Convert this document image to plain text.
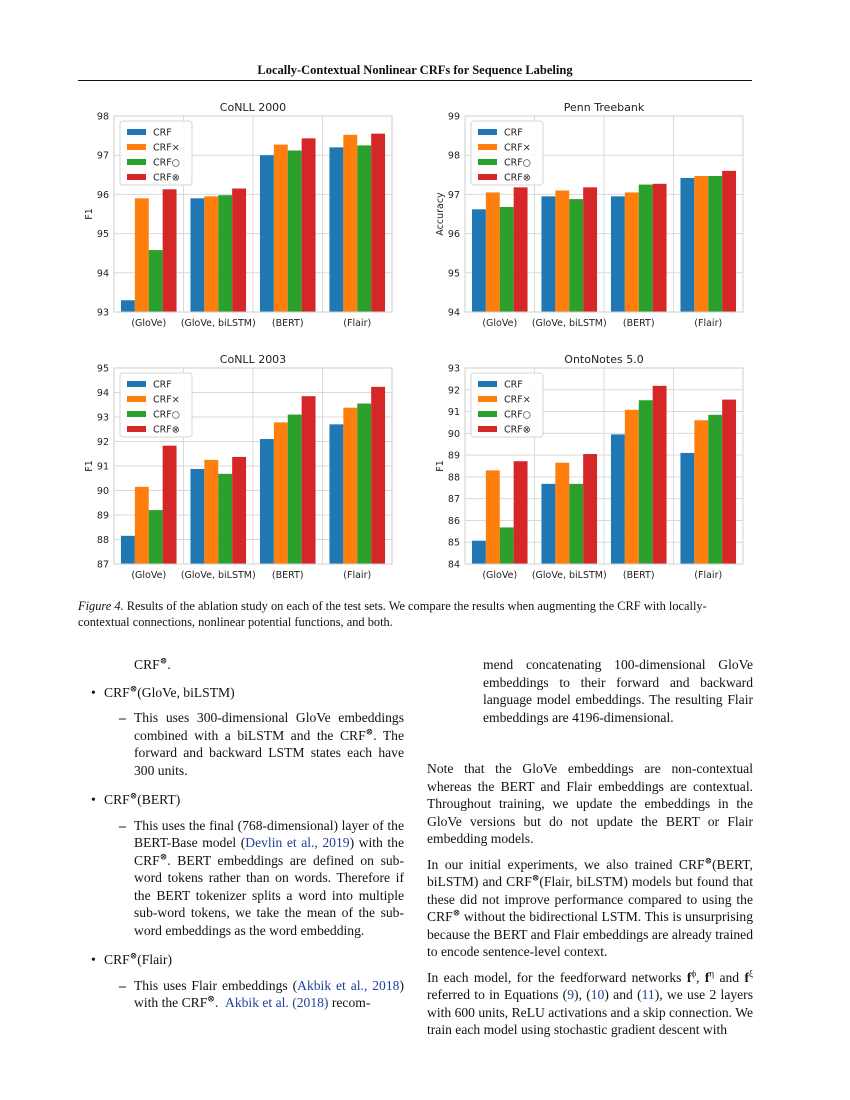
Locally-Contextual Nonlinear CRFs for Sequence Labeling
93
94
95
96
97
98
(GloVe) (GloVe, biLSTM) (BERT)	(Flair)
CoNLL 2000
F1
CRF
CRF×
CRF○
CRF⊗
94
95
96
97
98
99
(GloVe) (GloVe, biLSTM) (BERT)	(Flair)
Penn Treebank
Accuracy
CRF
CRF×
CRF○
CRF⊗
87
88
89
90
91
92
93
94
95
(GloVe) (GloVe, biLSTM) (BERT)	(Flair)
CoNLL 2003
F1
CRF
CRF×
CRF○
CRF⊗
84
85
86
87
88
89
90
91
92
93
(GloVe) (GloVe, biLSTM) (BERT)	(Flair)
OntoNotes 5.0
F1
CRF
CRF×
CRF○
CRF⊗
Figure 4. Results of the ablation study on each of the test sets. We compare the results when augmenting the CRF with locally-contextual connections, nonlinear potential functions, and both.
CRF⊗.
• CRF⊗(GloVe, biLSTM)
– This uses 300-dimensional GloVe embeddings combined with a biLSTM and the CRF⊗. The forward and backward LSTM states each have 300 units.
• CRF⊗(BERT)
– This uses the final (768-dimensional) layer of the BERT-Base model (Devlin et al., 2019) with the CRF⊗. BERT embeddings are defined on sub-word tokens rather than on words. Therefore if the BERT tokenizer splits a word into multiple sub-word tokens, we take the mean of the sub-word embeddings as the word embedding.
• CRF⊗(Flair)
– This uses Flair embeddings (Akbik et al., 2018) with the CRF⊗. Akbik et al. (2018) recom-
mend concatenating 100-dimensional GloVe embeddings to their forward and backward language model embeddings. The resulting Flair embeddings are 4196-dimensional.
Note that the GloVe embeddings are non-contextual whereas the BERT and Flair embeddings are contextual. Throughout training, we update the embeddings in the GloVe versions but do not update the BERT or Flair embedding models.
In our initial experiments, we also trained CRF⊗(BERT, biLSTM) and CRF⊗(Flair, biLSTM) models but found that these did not improve performance compared to using the CRF⊗ without the bidirectional LSTM. This is unsurprising because the BERT and Flair embeddings are already trained to encode sentence-level context.
In each model, for the feedforward networks $f^\phi$, $f^\eta$ and $f^\xi$ referred to in Equations (9), (10) and (11), we use 2 layers with 600 units, ReLU activations and a skip connection. We train each model using stochastic gradient descent with
